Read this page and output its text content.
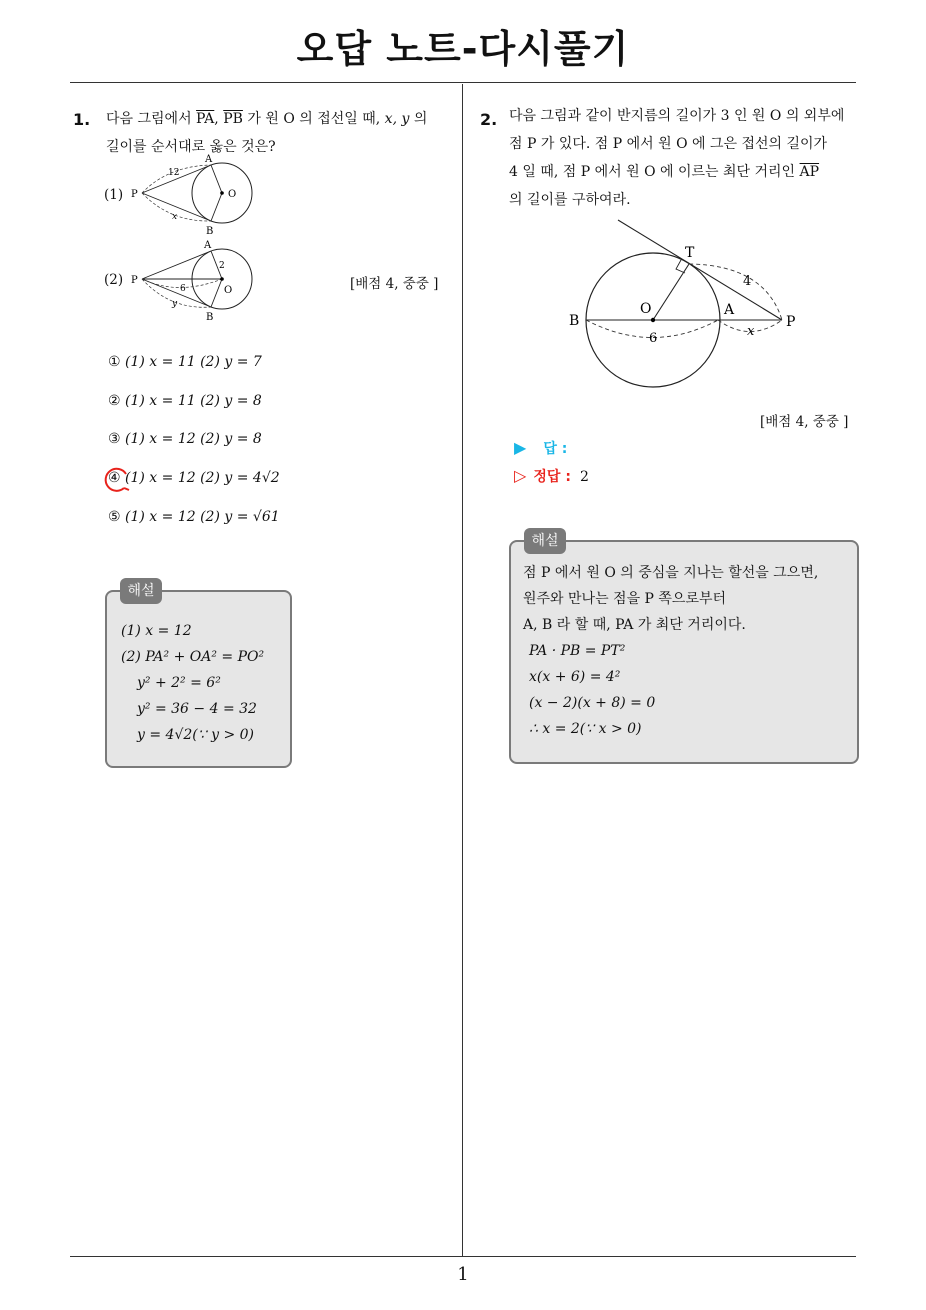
오답 노트-다시풀기
1
1. 다음 그림에서 $\overline{PA}$, $\overline{PB}$ 가 원 O 의 접선일 때, x, y 의
길이를 순서대로 옳은 것은?
(1) P
A
B
O
12
x
(2) P
A
B
O
2
6
y
[배점 4, 중중 ]
① (1) x = 11 (2) y = 7
② (1) x = 11 (2) y = 8
③ (1) x = 12 (2) y = 8
④ (1) x = 12 (2) y = 4√2
⑤ (1) x = 12 (2) y = √61
(1) x = 12
(2) PA² + OA² = PO²
y² + 2² = 6²
y² = 36 − 4 = 32
y = 4√2(∵ y > 0)
해설
2. 다음 그림과 같이 반지름의 길이가 3 인 원 O 의 외부에
점 P 가 있다. 점 P 에서 원 O 에 그은 접선의 길이가
4 일 때, 점 P 에서 원 O 에 이르는 최단 거리인 $\overline{AP}$
의 길이를 구하여라.
T
O	A
B	P
4
6	x
[배점 4, 중중 ]
▶ 답 :
▷ 정답 : 2
점 P 에서 원 O 의 중심을 지나는 할선을 그으면,
원주와 만나는 점을 P 쪽으로부터
A, B 라 할 때, PA 가 최단 거리이다.
PA · PB = PT²
x(x + 6) = 4²
(x − 2)(x + 8) = 0
∴ x = 2(∵ x > 0)
해설
